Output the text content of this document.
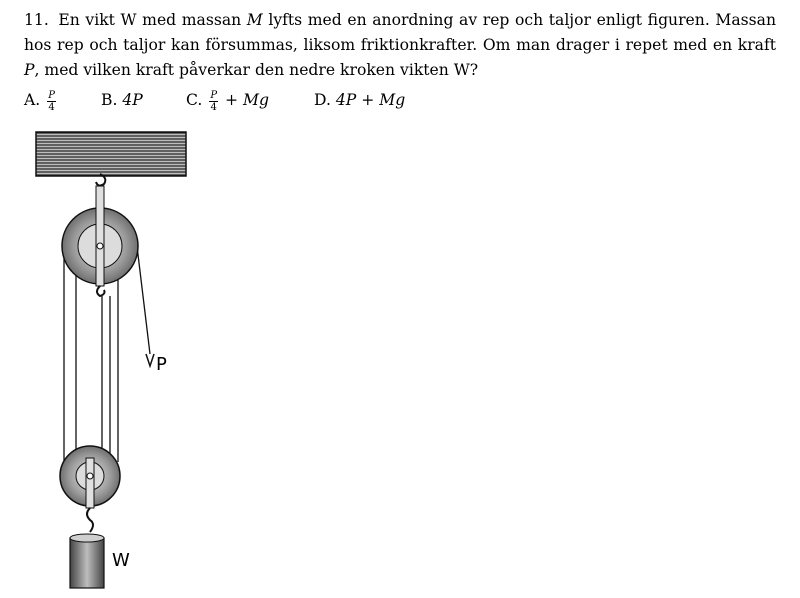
11. En vikt W med massan M lyfts med en anordning av rep och taljor enligt figuren. Massan hos rep och taljor kan försummas, liksom friktionkrafter. Om man drager i repet med en kraft P, med vilken kraft påverkar den nedre kroken vikten W?
A. $\frac{P}{4}$	B. 4P	C. $\frac{P}{4} + Mg$	D. 4P + Mg
P
W
